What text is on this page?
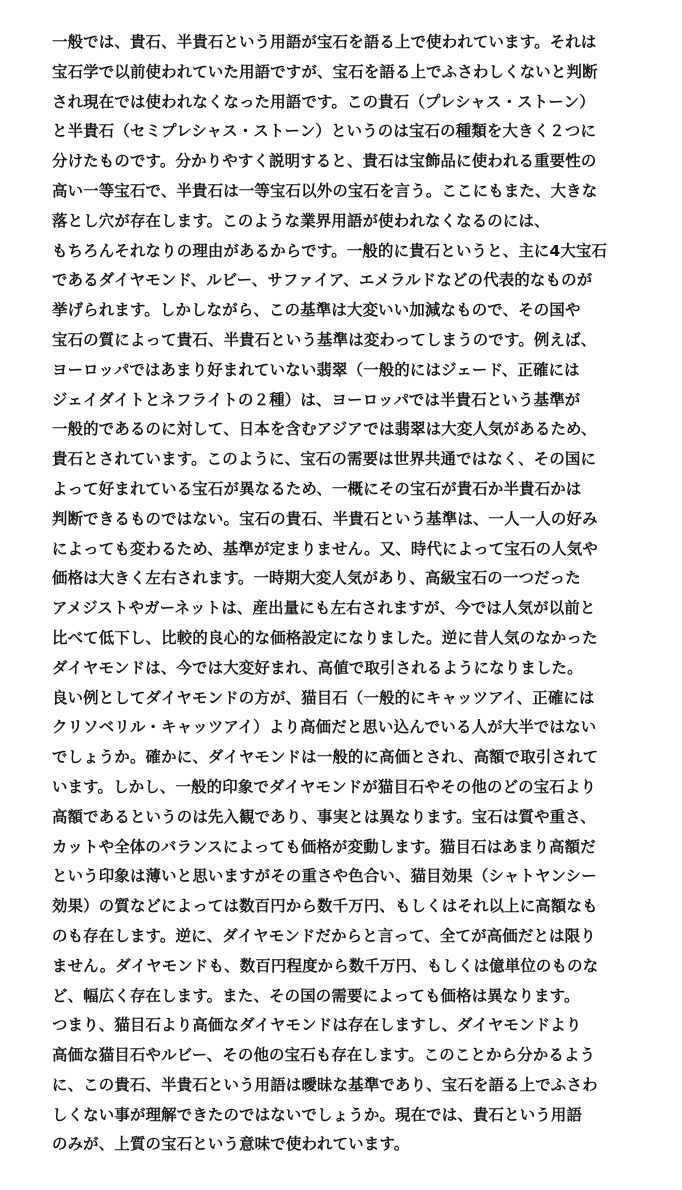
一般では、貴石、半貴石という用語が宝石を語る上で使われています。それは

宝石学で以前使われていた用語ですが、宝石を語る上でふさわしくないと判断

され現在では使われなくなった用語です。この貴石（プレシャス・ストーン）

と半貴石（セミプレシャス・ストーン）というのは宝石の種類を大きく２つに

分けたものです。分かりやすく説明すると、貴石は宝飾品に使われる重要性の

高い一等宝石で、半貴石は一等宝石以外の宝石を言う。ここにもまた、大きな

落とし穴が存在します。このような業界用語が使われなくなるのには、

もちろんそれなりの理由があるからです。一般的に貴石というと、主に4大宝石

であるダイヤモンド、ルビー、サファイア、エメラルドなどの代表的なものが

挙げられます。しかしながら、この基準は大変いい加減なもので、その国や

宝石の質によって貴石、半貴石という基準は変わってしまうのです。例えば、

ヨーロッパではあまり好まれていない翡翠（一般的にはジェード、正確には

ジェイダイトとネフライトの２種）は、ヨーロッパでは半貴石という基準が

一般的であるのに対して、日本を含むアジアでは翡翠は大変人気があるため、

貴石とされています。このように、宝石の需要は世界共通ではなく、その国に

よって好まれている宝石が異なるため、一概にその宝石が貴石か半貴石かは

判断できるものではない。宝石の貴石、半貴石という基準は、一人一人の好み

によっても変わるため、基準が定まりません。又、時代によって宝石の人気や

価格は大きく左右されます。一時期大変人気があり、高級宝石の一つだった

アメジストやガーネットは、産出量にも左右されますが、今では人気が以前と

比べて低下し、比較的良心的な価格設定になりました。逆に昔人気のなかった

ダイヤモンドは、今では大変好まれ、高値で取引されるようになりました。

良い例としてダイヤモンドの方が、猫目石（一般的にキャッツアイ、正確には

クリソベリル・キャッツアイ）より高価だと思い込んでいる人が大半ではない

でしょうか。確かに、ダイヤモンドは一般的に高価とされ、高額で取引されて

います。しかし、一般的印象でダイヤモンドが猫目石やその他のどの宝石より

高額であるというのは先入観であり、事実とは異なります。宝石は質や重さ、

カットや全体のバランスによっても価格が変動します。猫目石はあまり高額だ

という印象は薄いと思いますがその重さや色合い、猫目効果（シャトヤンシー

効果）の質などによっては数百円から数千万円、もしくはそれ以上に高額なも

のも存在します。逆に、ダイヤモンドだからと言って、全てが高価だとは限り

ません。ダイヤモンドも、数百円程度から数千万円、もしくは億単位のものな

ど、幅広く存在します。また、その国の需要によっても価格は異なります。

つまり、猫目石より高価なダイヤモンドは存在しますし、ダイヤモンドより

高価な猫目石やルビー、その他の宝石も存在します。このことから分かるよう

に、この貴石、半貴石という用語は曖昧な基準であり、宝石を語る上でふさわ

しくない事が理解できたのではないでしょうか。現在では、貴石という用語

のみが、上質の宝石という意味で使われています。
